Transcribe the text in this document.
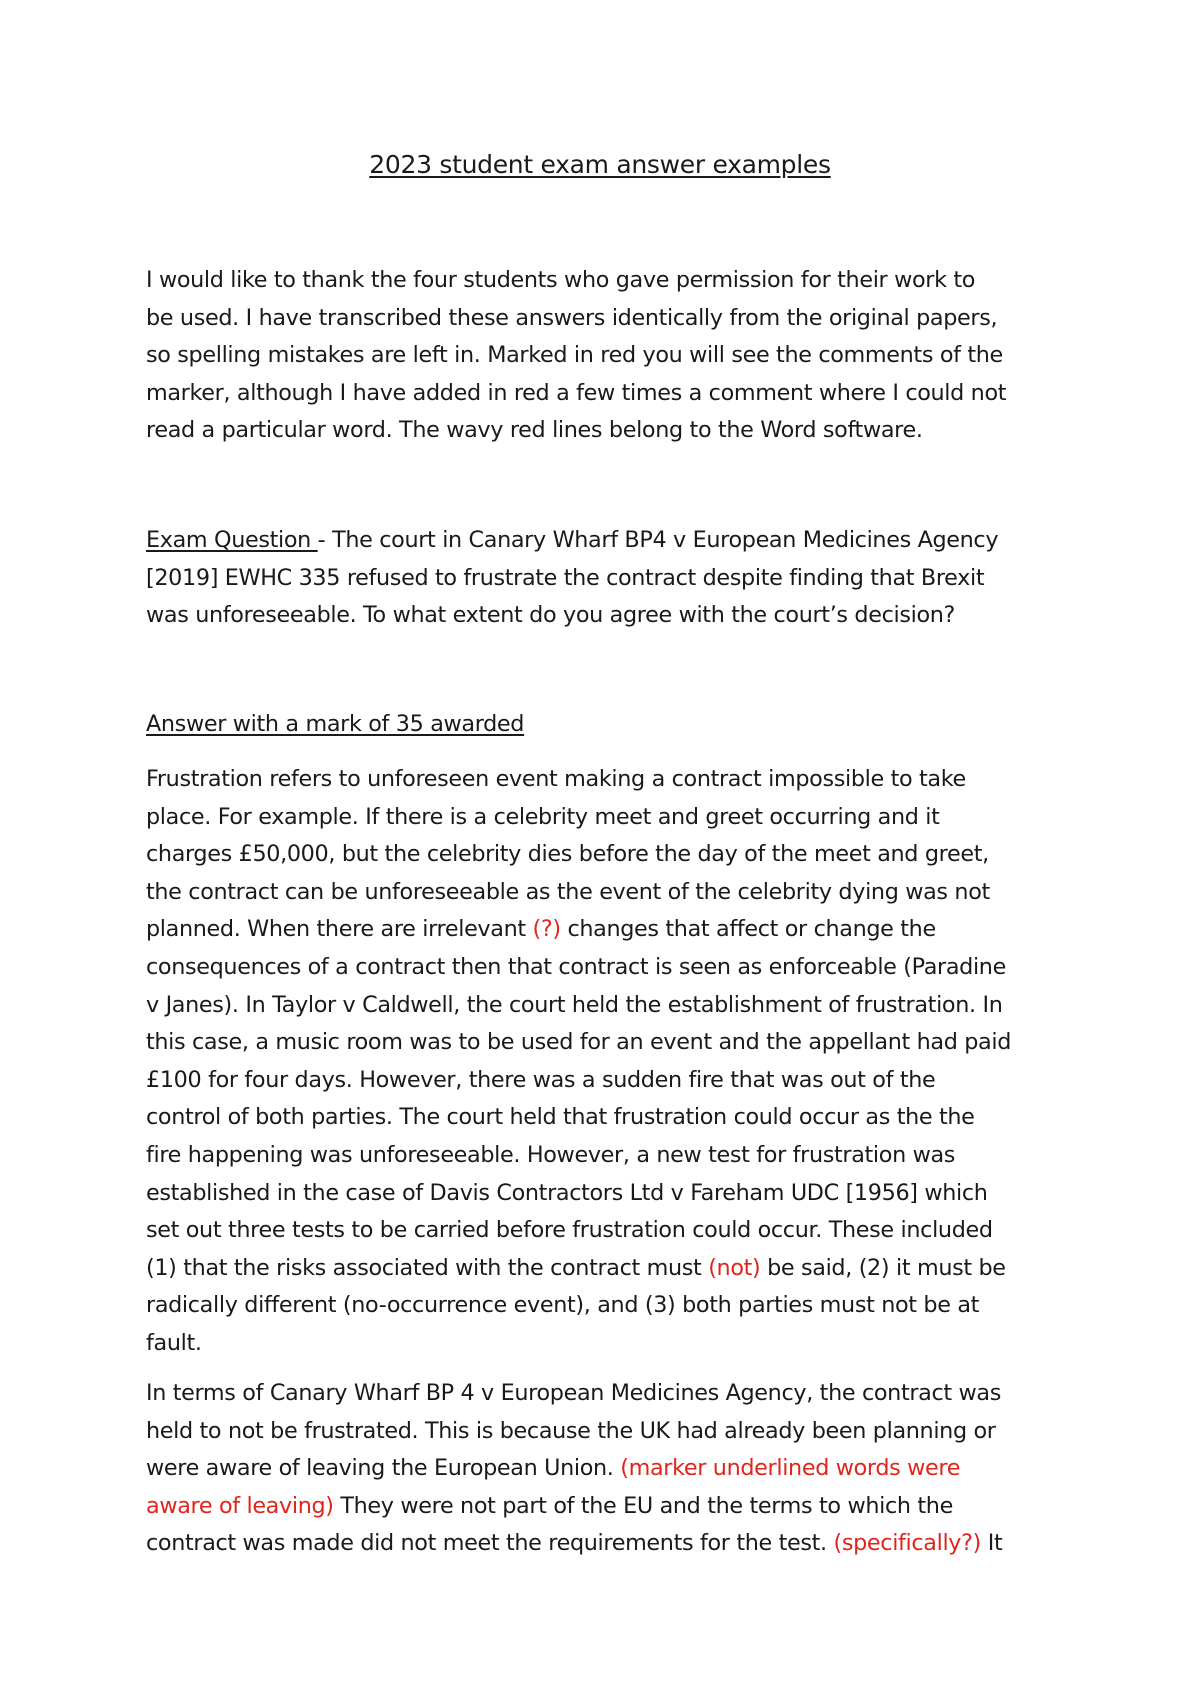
2023 student exam answer examples

I would like to thank the four students who gave permission for their work to
be used. I have transcribed these answers identically from the original papers,
so spelling mistakes are left in. Marked in red you will see the comments of the
marker, although I have added in red a few times a comment where I could not
read a particular word. The wavy red lines belong to the Word software.

Exam Question - The court in Canary Wharf BP4 v European Medicines Agency
[2019] EWHC 335 refused to frustrate the contract despite finding that Brexit
was unforeseeable. To what extent do you agree with the court’s decision?

Answer with a mark of 35 awarded

Frustration refers to unforeseen event making a contract impossible to take
place. For example. If there is a celebrity meet and greet occurring and it
charges £50,000, but the celebrity dies before the day of the meet and greet,
the contract can be unforeseeable as the event of the celebrity dying was not
planned. When there are irrelevant (?) changes that affect or change the
consequences of a contract then that contract is seen as enforceable (Paradine
v Janes). In Taylor v Caldwell, the court held the establishment of frustration. In
this case, a music room was to be used for an event and the appellant had paid
£100 for four days. However, there was a sudden fire that was out of the
control of both parties. The court held that frustration could occur as the the
fire happening was unforeseeable. However, a new test for frustration was
established in the case of Davis Contractors Ltd v Fareham UDC [1956] which
set out three tests to be carried before frustration could occur. These included
(1) that the risks associated with the contract must (not) be said, (2) it must be
radically different (no-occurrence event), and (3) both parties must not be at
fault.

In terms of Canary Wharf BP 4 v European Medicines Agency, the contract was
held to not be frustrated. This is because the UK had already been planning or
were aware of leaving the European Union. (marker underlined words were
aware of leaving) They were not part of the EU and the terms to which the
contract was made did not meet the requirements for the test. (specifically?) It
